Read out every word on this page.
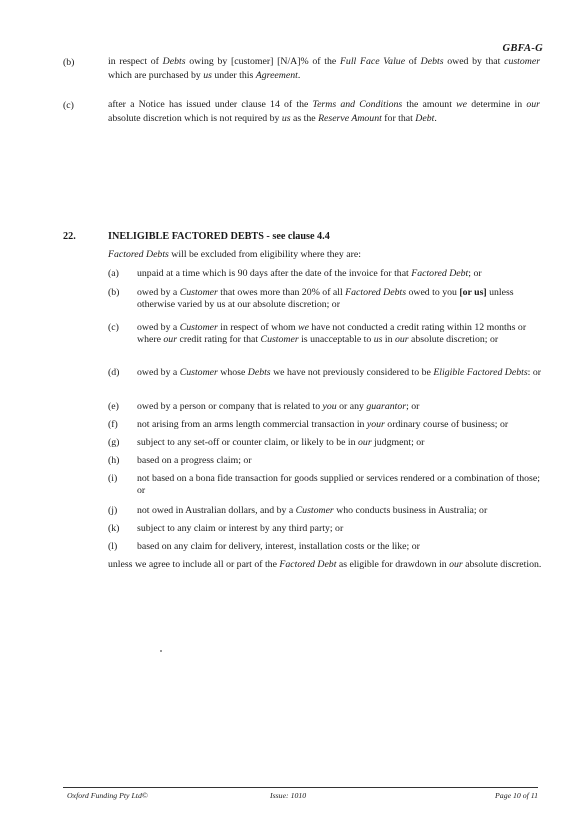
GBFA-G
(b)	in respect of Debts owing by [customer] [N/A]% of the Full Face Value of Debts owed by that customer which are purchased by us under this Agreement.
(c)	after a Notice has issued under clause 14 of the Terms and Conditions the amount we determine in our absolute discretion which is not required by us as the Reserve Amount for that Debt.
22.	INELIGIBLE FACTORED DEBTS - see clause 4.4
Factored Debts will be excluded from eligibility where they are:
(a) unpaid at a time which is 90 days after the date of the invoice for that Factored Debt; or
(b) owed by a Customer that owes more than 20% of all Factored Debts owed to you [or us] unless otherwise varied by us at our absolute discretion; or
(c) owed by a Customer in respect of whom we have not conducted a credit rating within 12 months or where our credit rating for that Customer is unacceptable to us in our absolute discretion; or
(d) owed by a Customer whose Debts we have not previously considered to be Eligible Factored Debts: or
(e) owed by a person or company that is related to you or any guarantor; or
(f) not arising from an arms length commercial transaction in your ordinary course of business; or
(g) subject to any set-off or counter claim, or likely to be in our judgment; or
(h) based on a progress claim; or
(i) not based on a bona fide transaction for goods supplied or services rendered or a combination of those; or
(j) not owed in Australian dollars, and by a Customer who conducts business in Australia; or
(k) subject to any claim or interest by any third party; or
(l) based on any claim for delivery, interest, installation costs or the like; or
unless we agree to include all or part of the Factored Debt as eligible for drawdown in our absolute discretion.
Oxford Funding Pty Ltd©	Issue: 1010	Page 10 of 11
